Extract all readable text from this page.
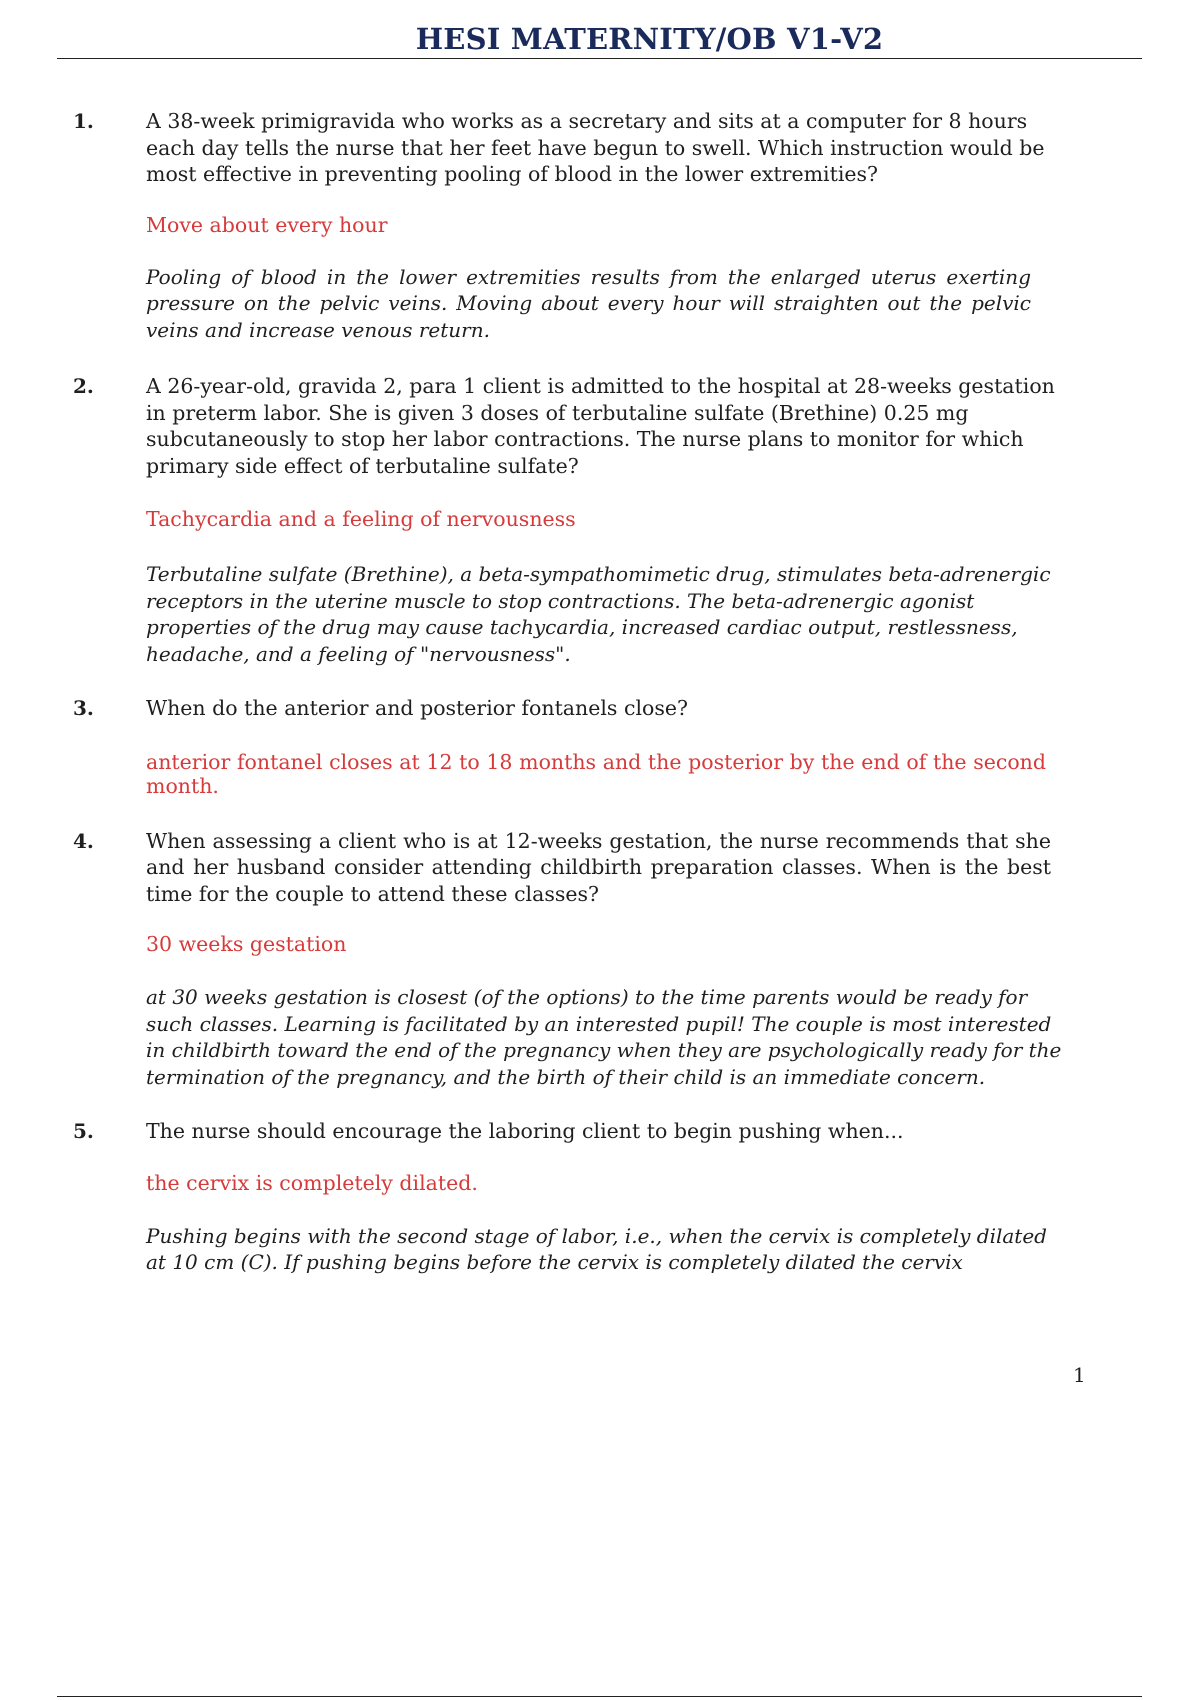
HESI MATERNITY/OB V1-V2
1.	A 38-week primigravida who works as a secretary and sits at a computer for 8 hours each day tells the nurse that her feet have begun to swell. Which instruction would be most effective in preventing pooling of blood in the lower extremities?

Move about every hour

Pooling of blood in the lower extremities results from the enlarged uterus exerting pressure on the pelvic veins. Moving about every hour will straighten out the pelvic veins and increase venous return.

2.	A 26-year-old, gravida 2, para 1 client is admitted to the hospital at 28-weeks gestation in preterm labor. She is given 3 doses of terbutaline sulfate (Brethine) 0.25 mg subcutaneously to stop her labor contractions. The nurse plans to monitor for which primary side effect of terbutaline sulfate?

Tachycardia and a feeling of nervousness

Terbutaline sulfate (Brethine), a beta-sympathomimetic drug, stimulates beta-adrenergic receptors in the uterine muscle to stop contractions. The beta-adrenergic agonist properties of the drug may cause tachycardia, increased cardiac output, restlessness, headache, and a feeling of "nervousness".

3.	When do the anterior and posterior fontanels close?

anterior fontanel closes at 12 to 18 months and the posterior by the end of the second month.

4.	When assessing a client who is at 12-weeks gestation, the nurse recommends that she and her husband consider attending childbirth preparation classes. When is the best time for the couple to attend these classes?

30 weeks gestation

at 30 weeks gestation is closest (of the options) to the time parents would be ready for such classes. Learning is facilitated by an interested pupil! The couple is most interested in childbirth toward the end of the pregnancy when they are psychologically ready for the termination of the pregnancy, and the birth of their child is an immediate concern.

5.	The nurse should encourage the laboring client to begin pushing when...

the cervix is completely dilated.

Pushing begins with the second stage of labor, i.e., when the cervix is completely dilated at 10 cm (C). If pushing begins before the cervix is completely dilated the cervix

1
